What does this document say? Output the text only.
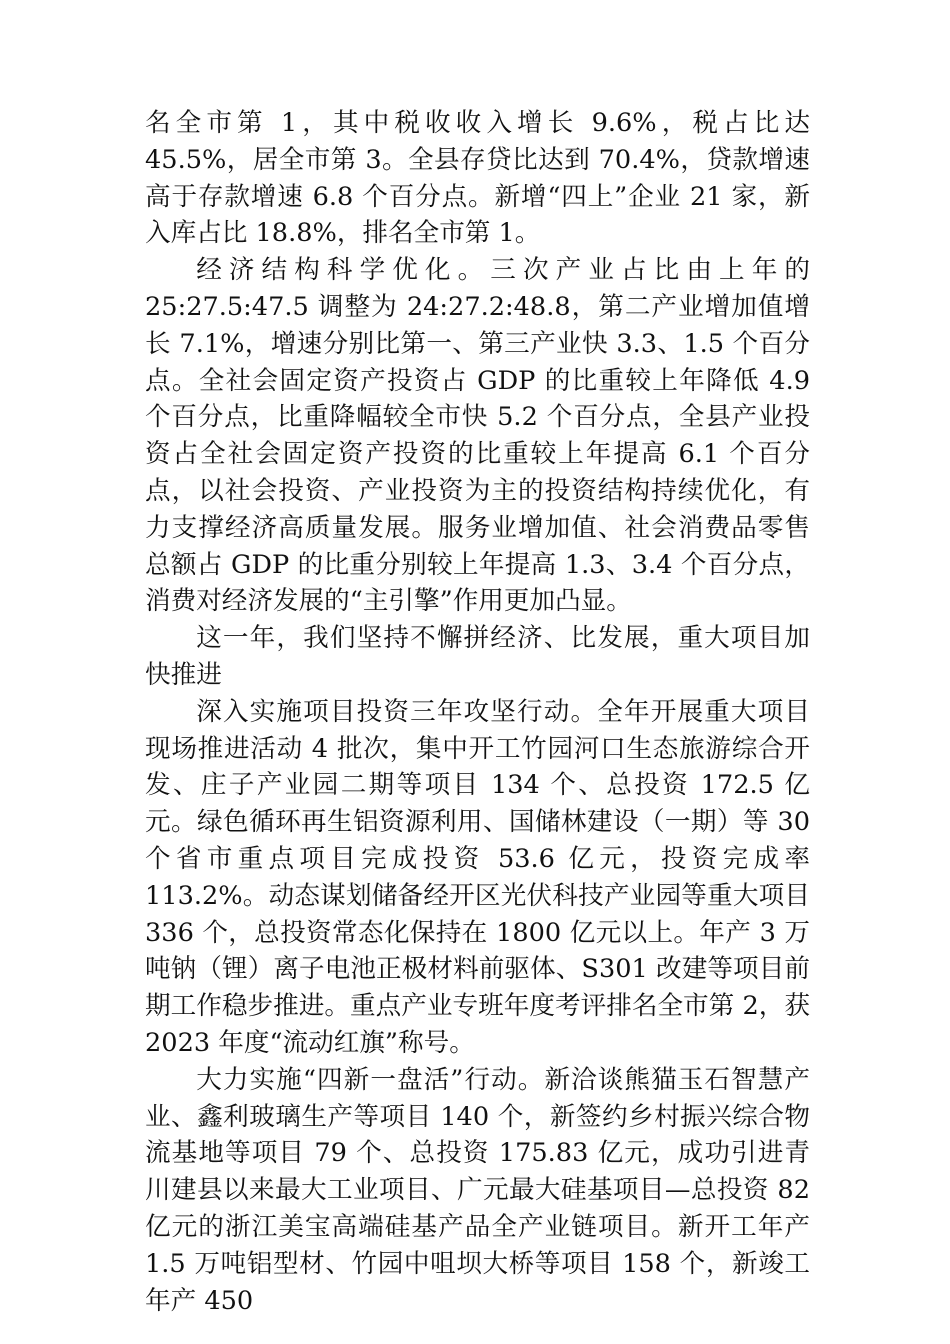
名全市第 1，其中税收收入增长 9.6%，税占比达 45.5%，居全市第 3。全县存贷比达到 70.4%，贷款增速高于存款增速 6.8 个百分点。新增“四上”企业 21 家，新入库占比 18.8%，排名全市第 1。

经济结构科学优化。三次产业占比由上年的 25:27.5:47.5 调整为 24:27.2:48.8，第二产业增加值增长 7.1%，增速分别比第一、第三产业快 3.3、1.5 个百分点。全社会固定资产投资占 GDP 的比重较上年降低 4.9 个百分点，比重降幅较全市快 5.2 个百分点，全县产业投资占全社会固定资产投资的比重较上年提高 6.1 个百分点，以社会投资、产业投资为主的投资结构持续优化，有力支撑经济高质量发展。服务业增加值、社会消费品零售总额占 GDP 的比重分别较上年提高 1.3、3.4 个百分点，消费对经济发展的“主引擎”作用更加凸显。

这一年，我们坚持不懈拼经济、比发展，重大项目加快推进

深入实施项目投资三年攻坚行动。全年开展重大项目现场推进活动 4 批次，集中开工竹园河口生态旅游综合开发、庄子产业园二期等项目 134 个、总投资 172.5 亿元。绿色循环再生铝资源利用、国储林建设（一期）等 30 个省市重点项目完成投资 53.6 亿元，投资完成率 113.2%。动态谋划储备经开区光伏科技产业园等重大项目 336 个，总投资常态化保持在 1800 亿元以上。年产 3 万吨钠（锂）离子电池正极材料前驱体、S301 改建等项目前期工作稳步推进。重点产业专班年度考评排名全市第 2，获 2023 年度“流动红旗”称号。

大力实施“四新一盘活”行动。新洽谈熊猫玉石智慧产业、鑫利玻璃生产等项目 140 个，新签约乡村振兴综合物流基地等项目 79 个、总投资 175.83 亿元，成功引进青川建县以来最大工业项目、广元最大硅基项目—总投资 82 亿元的浙江美宝高端硅基产品全产业链项目。新开工年产 1.5 万吨铝型材、竹园中咀坝大桥等项目 158 个，新竣工年产 450
